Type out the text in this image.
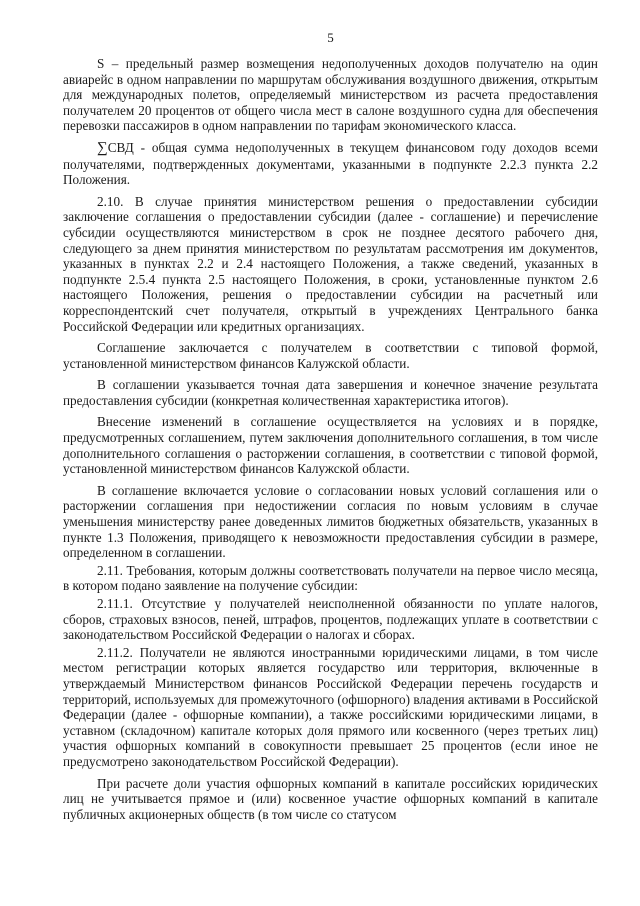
5

S – предельный размер возмещения недополученных доходов получателю на один авиарейс в одном направлении по маршрутам обслуживания воздушного движения, открытым для международных полетов, определяемый министерством из расчета предоставления получателем 20 процентов от общего числа мест в салоне воздушного судна для обеспечения перевозки пассажиров в одном направлении по тарифам экономического класса.

∑СВД - общая сумма недополученных в текущем финансовом году доходов всеми получателями, подтвержденных документами, указанными в подпункте 2.2.3 пункта 2.2 Положения.

2.10. В случае принятия министерством решения о предоставлении субсидии заключение соглашения о предоставлении субсидии (далее - соглашение) и перечисление субсидии осуществляются министерством в срок не позднее десятого рабочего дня, следующего за днем принятия министерством по результатам рассмотрения им документов, указанных в пунктах 2.2 и 2.4 настоящего Положения, а также сведений, указанных в подпункте 2.5.4 пункта 2.5 настоящего Положения, в сроки, установленные пунктом 2.6 настоящего Положения, решения о предоставлении субсидии на расчетный или корреспондентский счет получателя, открытый в учреждениях Центрального банка Российской Федерации или кредитных организациях.

Соглашение заключается с получателем в соответствии с типовой формой, установленной министерством финансов Калужской области.

В соглашении указывается точная дата завершения и конечное значение результата предоставления субсидии (конкретная количественная характеристика итогов).

Внесение изменений в соглашение осуществляется на условиях и в порядке, предусмотренных соглашением, путем заключения дополнительного соглашения, в том числе дополнительного соглашения о расторжении соглашения, в соответствии с типовой формой, установленной министерством финансов Калужской области.

В соглашение включается условие о согласовании новых условий соглашения или о расторжении соглашения при недостижении согласия по новым условиям в случае уменьшения министерству ранее доведенных лимитов бюджетных обязательств, указанных в пункте 1.3 Положения, приводящего к невозможности предоставления субсидии в размере, определенном в соглашении.

2.11. Требования, которым должны соответствовать получатели на первое число месяца, в котором подано заявление на получение субсидии:

2.11.1. Отсутствие у получателей неисполненной обязанности по уплате налогов, сборов, страховых взносов, пеней, штрафов, процентов, подлежащих уплате в соответствии с законодательством Российской Федерации о налогах и сборах.

2.11.2. Получатели не являются иностранными юридическими лицами, в том числе местом регистрации которых является государство или территория, включенные в утверждаемый Министерством финансов Российской Федерации перечень государств и территорий, используемых для промежуточного (офшорного) владения активами в Российской Федерации (далее - офшорные компании), а также российскими юридическими лицами, в уставном (складочном) капитале которых доля прямого или косвенного (через третьих лиц) участия офшорных компаний в совокупности превышает 25 процентов (если иное не предусмотрено законодательством Российской Федерации).

При расчете доли участия офшорных компаний в капитале российских юридических лиц не учитывается прямое и (или) косвенное участие офшорных компаний в капитале публичных акционерных обществ (в том числе со статусом
